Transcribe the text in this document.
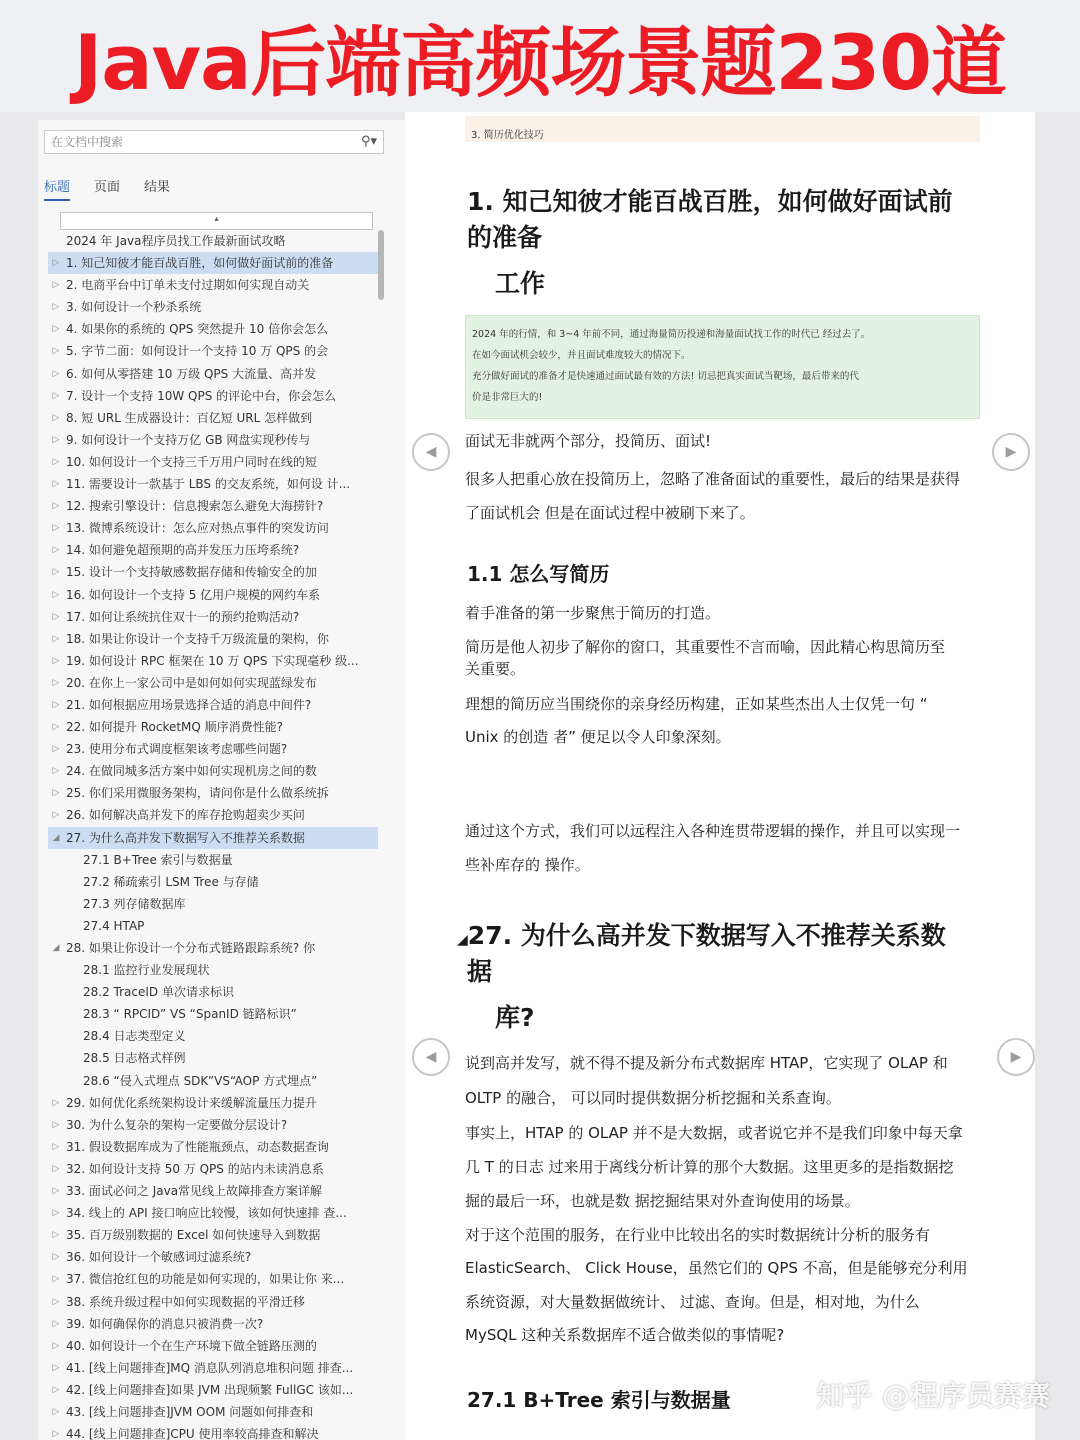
Java后端高频场景题230道
在文档中搜索
⚲▾
标题 页面 结果
▴
2024 年 Java程序员找工作最新面试攻略
▷ 1. 知己知彼才能百战百胜，如何做好面试前的准备
▷ 2. 电商平台中订单未支付过期如何实现自动关
▷ 3. 如何设计一个秒杀系统
▷ 4. 如果你的系统的 QPS 突然提升 10 倍你会怎么
▷ 5. 字节二面：如何设计一个支持 10 万 QPS 的会
▷ 6. 如何从零搭建 10 万级 QPS 大流量、高并发
▷ 7. 设计一个支持 10W QPS 的评论中台，你会怎么
▷ 8. 短 URL 生成器设计：百亿短 URL 怎样做到
▷ 9. 如何设计一个支持万亿 GB 网盘实现秒传与
▷ 10. 如何设计一个支持三千万用户同时在线的短
▷ 11. 需要设计一款基于 LBS 的交友系统，如何设 计...
▷ 12. 搜索引擎设计：信息搜索怎么避免大海捞针?
▷ 13. 微博系统设计：怎么应对热点事件的突发访问
▷ 14. 如何避免超预期的高并发压力压垮系统?
▷ 15. 设计一个支持敏感数据存储和传输安全的加
▷ 16. 如何设计一个支持 5 亿用户规模的网约车系
▷ 17. 如何让系统抗住双十一的预约抢购活动?
▷ 18. 如果让你设计一个支持千万级流量的架构，你
▷ 19. 如何设计 RPC 框架在 10 万 QPS 下实现毫秒 级...
▷ 20. 在你上一家公司中是如何如何实现蓝绿发布
▷ 21. 如何根据应用场景选择合适的消息中间件?
▷ 22. 如何提升 RocketMQ 顺序消费性能?
▷ 23. 使用分布式调度框架该考虑哪些问题?
▷ 24. 在做同城多活方案中如何实现机房之间的数
▷ 25. 你们采用微服务架构，请问你是什么做系统拆
▷ 26. 如何解决高并发下的库存抢购超卖少买问
◢ 27. 为什么高并发下数据写入不推荐关系数据
27.1 B+Tree 索引与数据量
27.2 稀疏索引 LSM Tree 与存储
27.3 列存储数据库
27.4 HTAP
◢ 28. 如果让你设计一个分布式链路跟踪系统? 你
28.1 监控行业发展现状
28.2 TraceID 单次请求标识
28.3 “ RPCID” VS “SpanID 链路标识”
28.4 日志类型定义
28.5 日志格式样例
28.6 “侵入式埋点 SDK”VS“AOP 方式埋点”
▷ 29. 如何优化系统架构设计来缓解流量压力提升
▷ 30. 为什么复杂的架构一定要做分层设计?
▷ 31. 假设数据库成为了性能瓶颈点，动态数据查询
▷ 32. 如何设计支持 50 万 QPS 的站内未读消息系
▷ 33. 面试必问之 Java常见线上故障排查方案详解
▷ 34. 线上的 API 接口响应比较慢，该如何快速排 查...
▷ 35. 百万级别数据的 Excel 如何快速导入到数据
▷ 36. 如何设计一个敏感词过滤系统?
▷ 37. 微信抢红包的功能是如何实现的，如果让你 来...
▷ 38. 系统升级过程中如何实现数据的平滑迁移
▷ 39. 如何确保你的消息只被消费一次?
▷ 40. 如何设计一个在生产环境下做全链路压测的
▷ 41. [线上问题排查]MQ 消息队列消息堆积问题 排查...
▷ 42. [线上问题排查]如果 JVM 出现频繁 FullGC 该如...
▷ 43. [线上问题排查]JVM OOM 问题如何排查和
▷ 44. [线上问题排查]CPU 使用率较高排查和解决
3. 简历优化技巧
1. 知己知彼才能百战百胜，如何做好面试前
的准备
工作
2024 年的行情，和 3~4 年前不同，通过海量简历投递和海量面试找工作的时代已 经过去了。
在如今面试机会较少，并且面试难度较大的情况下。
充分做好面试的准备才是快速通过面试最有效的方法! 切忌把真实面试当靶场，最后带来的代
价是非常巨大的!
◀	▶
面试无非就两个部分，投简历、面试!
很多人把重心放在投简历上，忽略了准备面试的重要性，最后的结果是获得
了面试机会 但是在面试过程中被刷下来了。
1.1 怎么写简历
着手准备的第一步聚焦于简历的打造。
简历是他人初步了解你的窗口，其重要性不言而喻，因此精心构思简历至
关重要。
理想的简历应当围绕你的亲身经历构建，正如某些杰出人士仅凭一句 “
Unix 的创造 者” 便足以令人印象深刻。
通过这个方式，我们可以远程注入各种连贯带逻辑的操作，并且可以实现一
些补库存的 操作。
◢27. 为什么高并发下数据写入不推荐关系数
据
库?
◀	▶
说到高并发写，就不得不提及新分布式数据库 HTAP，它实现了 OLAP 和
OLTP 的融合， 可以同时提供数据分析挖掘和关系查询。
事实上，HTAP 的 OLAP 并不是大数据，或者说它并不是我们印象中每天拿
几 T 的日志 过来用于离线分析计算的那个大数据。这里更多的是指数据挖
掘的最后一环，也就是数 据挖掘结果对外查询使用的场景。
对于这个范围的服务，在行业中比较出名的实时数据统计分析的服务有
ElasticSearch、 Click House，虽然它们的 QPS 不高，但是能够充分利用
系统资源，对大量数据做统计、 过滤、查询。但是，相对地，为什么
MySQL 这种关系数据库不适合做类似的事情呢?
27.1 B+Tree 索引与数据量	知乎 @程序员赛赛
